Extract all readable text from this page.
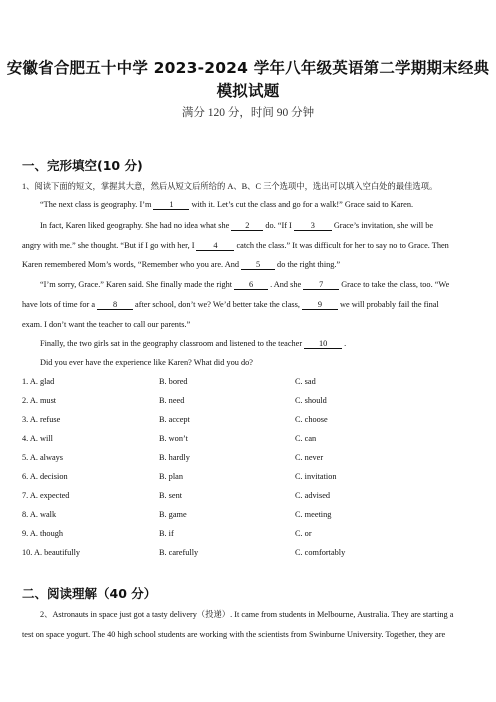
安徽省合肥五十中学 2023-2024 学年八年级英语第二学期期末经典
模拟试题
满分 120 分，时间 90 分钟
一、完形填空(10 分)
1、阅读下面的短文，掌握其大意，然后从短文后所给的 A、B、C 三个选项中，选出可以填入空白处的最佳选项。
“The next class is geography. I’m 1 with it. Let’s cut the class and go for a walk!” Grace said to Karen.
In fact, Karen liked geography. She had no idea what she 2 do. “If I 3 Grace’s invitation, she will be
angry with me.” she thought. “But if I go with her, I 4 catch the class.” It was difficult for her to say no to Grace. Then
Karen remembered Mom’s words, “Remember who you are. And 5 do the right thing.”
“I’m sorry, Grace.” Karen said. She finally made the right 6 . And she 7 Grace to take the class, too. “We
have lots of time for a 8 after school, don’t we? We’d better take the class, 9 we will probably fail the final
exam. I don’t want the teacher to call our parents.”
Finally, the two girls sat in the geography classroom and listened to the teacher 10 .
Did you ever have the experience like Karen? What did you do?
1. A. glad	B. bored	C. sad
2. A. must	B. need	C. should
3. A. refuse	B. accept	C. choose
4. A. will	B. won’t	C. can
5. A. always	B. hardly	C. never
6. A. decision	B. plan	C. invitation
7. A. expected	B. sent	C. advised
8. A. walk	B. game	C. meeting
9. A. though	B. if	C. or
10. A. beautifully	B. carefully	C. comfortably
二、阅读理解（40 分）
2、Astronauts in space just got a tasty delivery（投递）. It came from students in Melbourne, Australia. They are starting a
test on space yogurt. The 40 high school students are working with the scientists from Swinburne University. Together, they are
